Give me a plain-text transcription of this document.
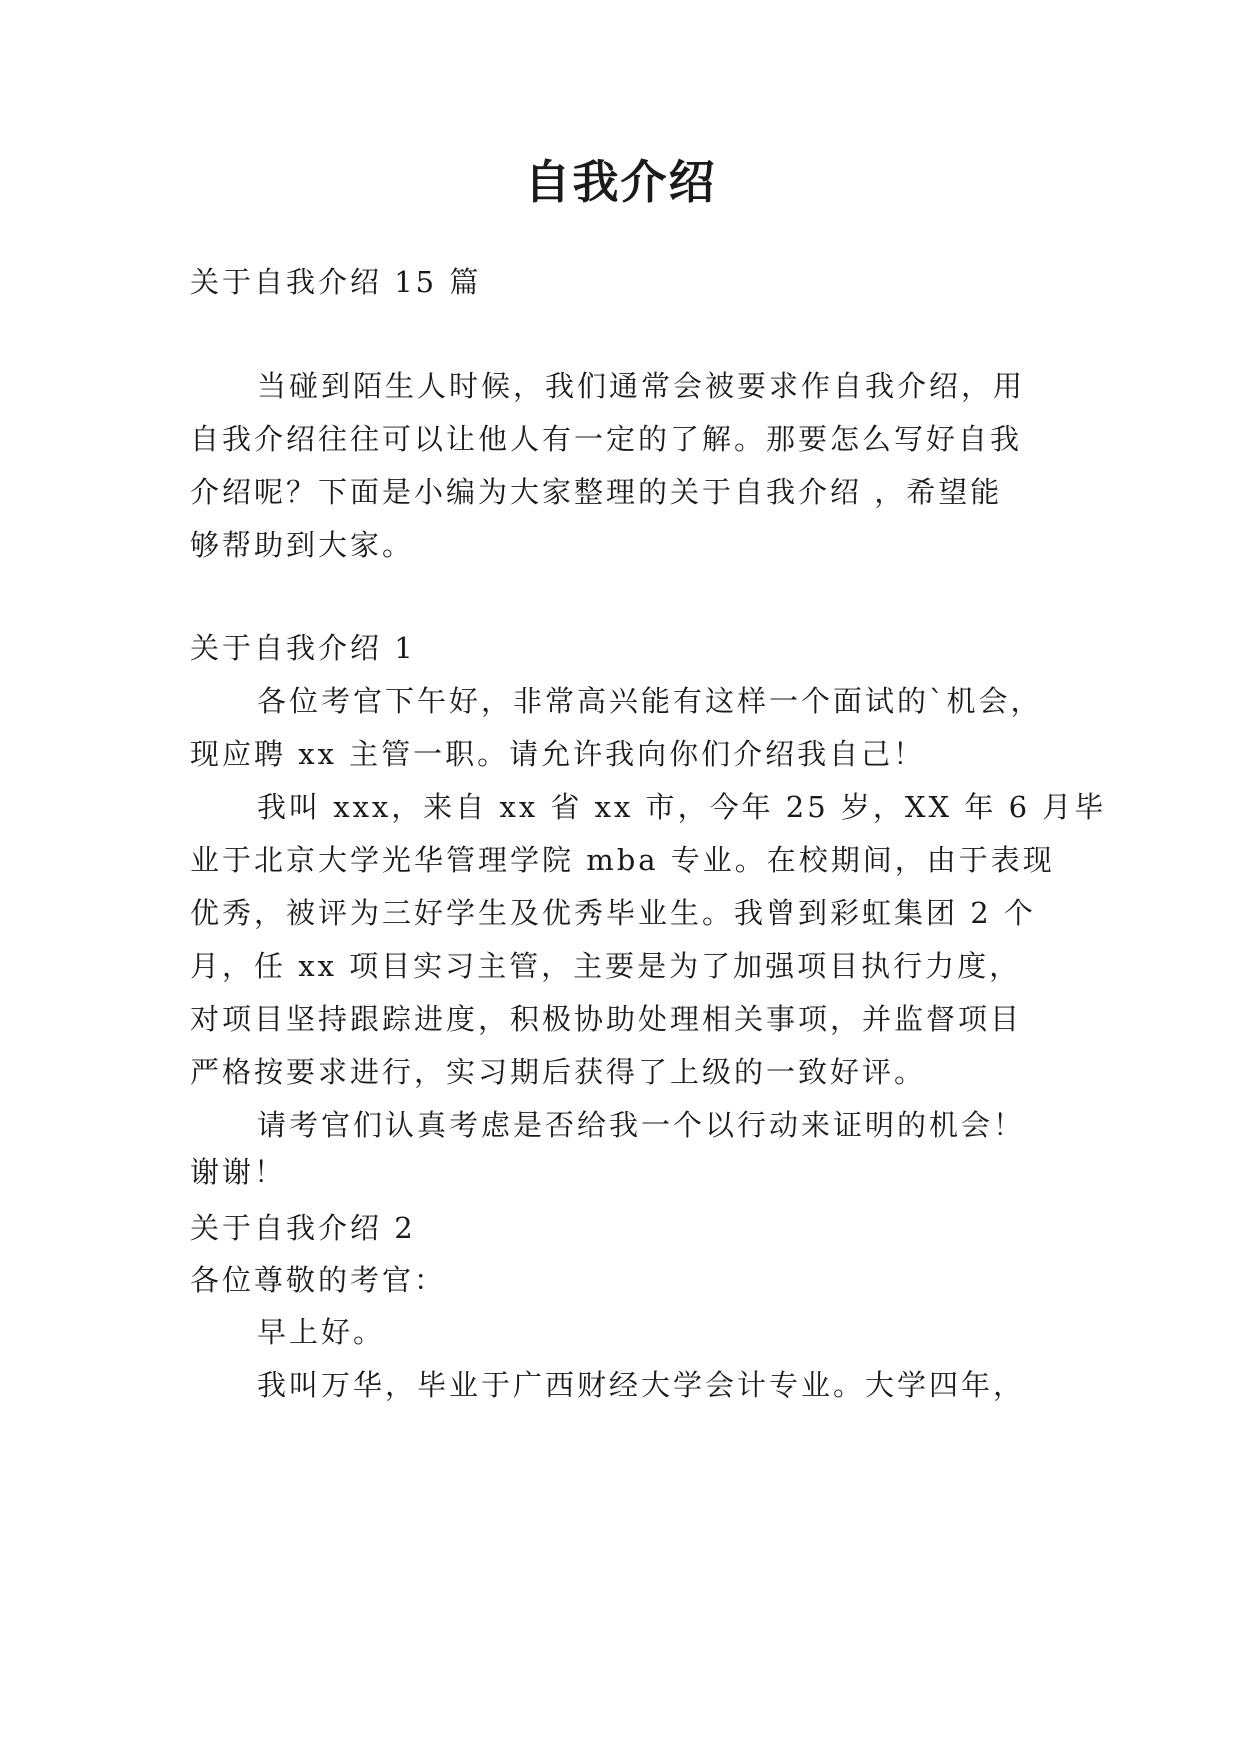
自我介绍
关于自我介绍 15 篇
当碰到陌生人时候，我们通常会被要求作自我介绍，用
自我介绍往往可以让他人有一定的了解。那要怎么写好自我
介绍呢？下面是小编为大家整理的关于自我介绍 ，希望能
够帮助到大家。
关于自我介绍 1
各位考官下午好，非常高兴能有这样一个面试的`机会，
现应聘 xx 主管一职。请允许我向你们介绍我自己！
我叫 xxx，来自 xx 省 xx 市，今年 25 岁，XX 年 6 月毕
业于北京大学光华管理学院 mba 专业。在校期间，由于表现
优秀，被评为三好学生及优秀毕业生。我曾到彩虹集团 2 个
月，任 xx 项目实习主管，主要是为了加强项目执行力度，
对项目坚持跟踪进度，积极协助处理相关事项，并监督项目
严格按要求进行，实习期后获得了上级的一致好评。
请考官们认真考虑是否给我一个以行动来证明的机会！
谢谢！
关于自我介绍 2
各位尊敬的考官：
早上好。
我叫万华，毕业于广西财经大学会计专业。大学四年，
